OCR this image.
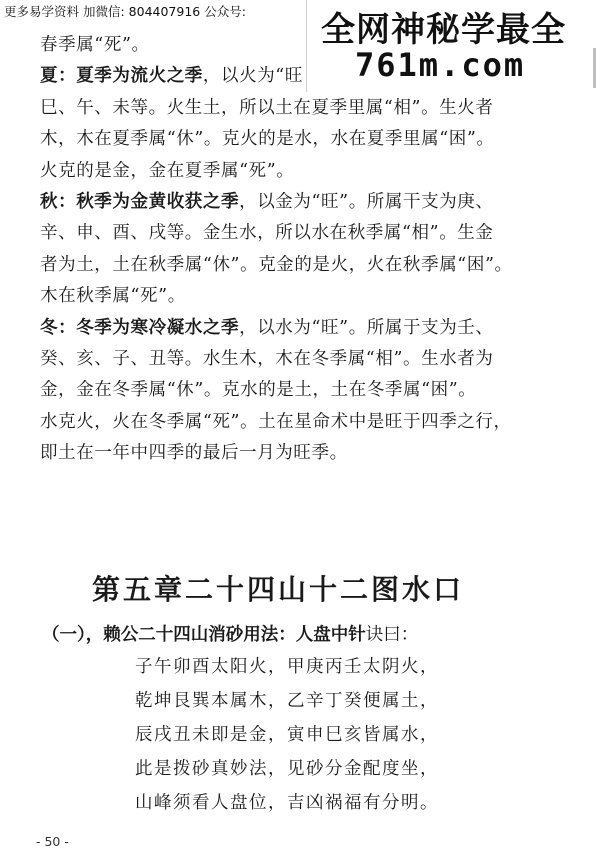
更多易学资料 加微信: 804407916 公众号: 全网神秘学最全
761m.com

春季属“死”。

夏：夏季为流火之季，以火为“旺

巳、午、未等。火生土，所以土在夏季里属“相”。生火者

木，木在夏季属“休”。克火的是水，水在夏季里属“困”。

火克的是金，金在夏季属“死”。

秋：秋季为金黄收获之季，以金为“旺”。所属干支为庚、

辛、申、酉、戌等。金生水，所以水在秋季属“相”。生金

者为土，土在秋季属“休”。克金的是火，火在秋季属“困”。

木在秋季属“死”。

冬：冬季为寒冷凝水之季，以水为“旺”。所属于支为壬、

癸、亥、子、丑等。水生木，木在冬季属“相”。生水者为

金，金在冬季属“休”。克水的是土，土在冬季属“困”。

水克火，火在冬季属“死”。土在星命术中是旺于四季之行，

即土在一年中四季的最后一月为旺季。

第五章二十四山十二图水口
（一），赖公二十四山消砂用法：人盘中针诀曰：

子午卯酉太阳火，甲庚丙壬太阴火，

乾坤艮巽本属木，乙辛丁癸便属土，

辰戌丑未即是金，寅申巳亥皆属水，

此是拨砂真妙法，见砂分金配度坐，

山峰须看人盘位，吉凶祸福有分明。

- 50 -
